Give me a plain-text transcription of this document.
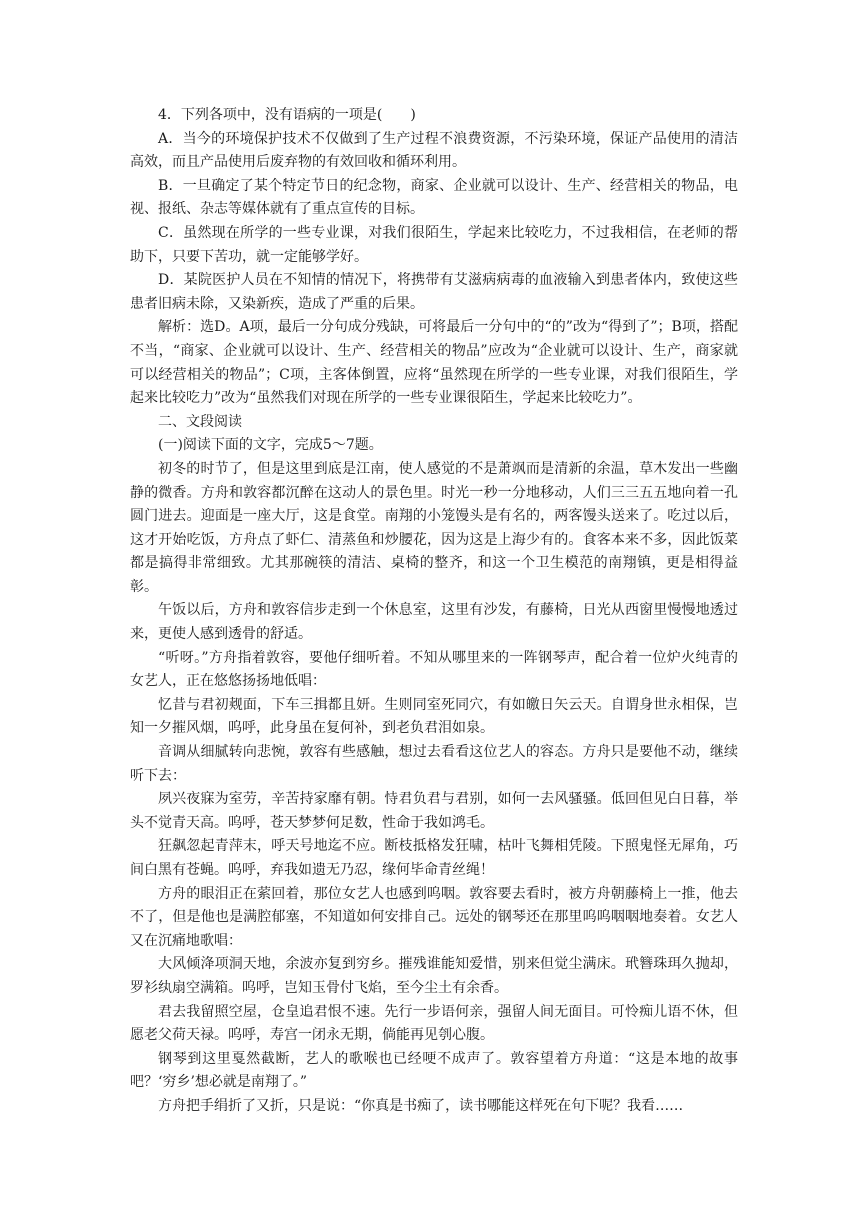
4．下列各项中，没有语病的一项是(　　)

A．当今的环境保护技术不仅做到了生产过程不浪费资源，不污染环境，保证产品使用的清洁高效，而且产品使用后废弃物的有效回收和循环利用。

B．一旦确定了某个特定节日的纪念物，商家、企业就可以设计、生产、经营相关的物品，电视、报纸、杂志等媒体就有了重点宣传的目标。

C．虽然现在所学的一些专业课，对我们很陌生，学起来比较吃力，不过我相信，在老师的帮助下，只要下苦功，就一定能够学好。

D．某院医护人员在不知情的情况下，将携带有艾滋病病毒的血液输入到患者体内，致使这些患者旧病未除，又染新疾，造成了严重的后果。

解析：选D。A项，最后一分句成分残缺，可将最后一分句中的“的”改为“得到了”；B项，搭配不当，“商家、企业就可以设计、生产、经营相关的物品”应改为“企业就可以设计、生产，商家就可以经营相关的物品”；C项，主客体倒置，应将“虽然现在所学的一些专业课，对我们很陌生，学起来比较吃力”改为“虽然我们对现在所学的一些专业课很陌生，学起来比较吃力”。

二、文段阅读

(一)阅读下面的文字，完成5～7题。

初冬的时节了，但是这里到底是江南，使人感觉的不是萧飒而是清新的余温，草木发出一些幽静的微香。方舟和敦容都沉醉在这动人的景色里。时光一秒一分地移动，人们三三五五地向着一孔圆门进去。迎面是一座大厅，这是食堂。南翔的小笼馒头是有名的，两客馒头送来了。吃过以后，这才开始吃饭，方舟点了虾仁、清蒸鱼和炒腰花，因为这是上海少有的。食客本来不多，因此饭菜都是搞得非常细致。尤其那碗筷的清洁、桌椅的整齐，和这一个卫生模范的南翔镇，更是相得益彰。

午饭以后，方舟和敦容信步走到一个休息室，这里有沙发，有藤椅，日光从西窗里慢慢地透过来，更使人感到透骨的舒适。

“听呀。”方舟指着敦容，要他仔细听着。不知从哪里来的一阵钢琴声，配合着一位炉火纯青的女艺人，正在悠悠扬扬地低唱：

忆昔与君初觌面，下车三揖都且妍。生则同室死同穴，有如皦日矢云天。自谓身世永相保，岂知一夕摧风烟，呜呼，此身虽在复何补，到老负君泪如泉。

音调从细腻转向悲惋，敦容有些感触，想过去看看这位艺人的容态。方舟只是要他不动，继续听下去：

夙兴夜寐为室劳，辛苦持家靡有朝。恃君负君与君别，如何一去风骚骚。低回但见白日暮，举头不觉青天高。呜呼，苍天梦梦何足数，性命于我如鸿毛。

狂飙忽起青萍末，呼天号地迄不应。断枝抵格发狂啸，枯叶飞舞相凭陵。下照鬼怪无犀角，巧间白黑有苍蝇。呜呼，弃我如遗无乃忍，缘何毕命青丝绳！

方舟的眼泪正在萦回着，那位女艺人也感到呜咽。敦容要去看时，被方舟朝藤椅上一推，他去不了，但是他也是满腔郁塞，不知道如何安排自己。远处的钢琴还在那里呜呜咽咽地奏着。女艺人又在沉痛地歌唱：

大风倾洚项洞天地，余波亦复到穷乡。摧残谁能知爱惜，别来但觉尘满床。玳簪珠珥久抛却，罗衫纨扇空满箱。呜呼，岂知玉骨付飞焰，至今尘土有余香。

君去我留照空屋，仓皇追君恨不速。先行一步语何亲，强留人间无面目。可怜痴儿语不休，但愿老父荷天禄。呜呼，寿宫一闭永无期，倘能再见刳心腹。

钢琴到这里戛然截断，艺人的歌喉也已经哽不成声了。敦容望着方舟道：“这是本地的故事吧？‘穷乡’想必就是南翔了。”

方舟把手绢折了又折，只是说：“你真是书痴了，读书哪能这样死在句下呢？我看……
